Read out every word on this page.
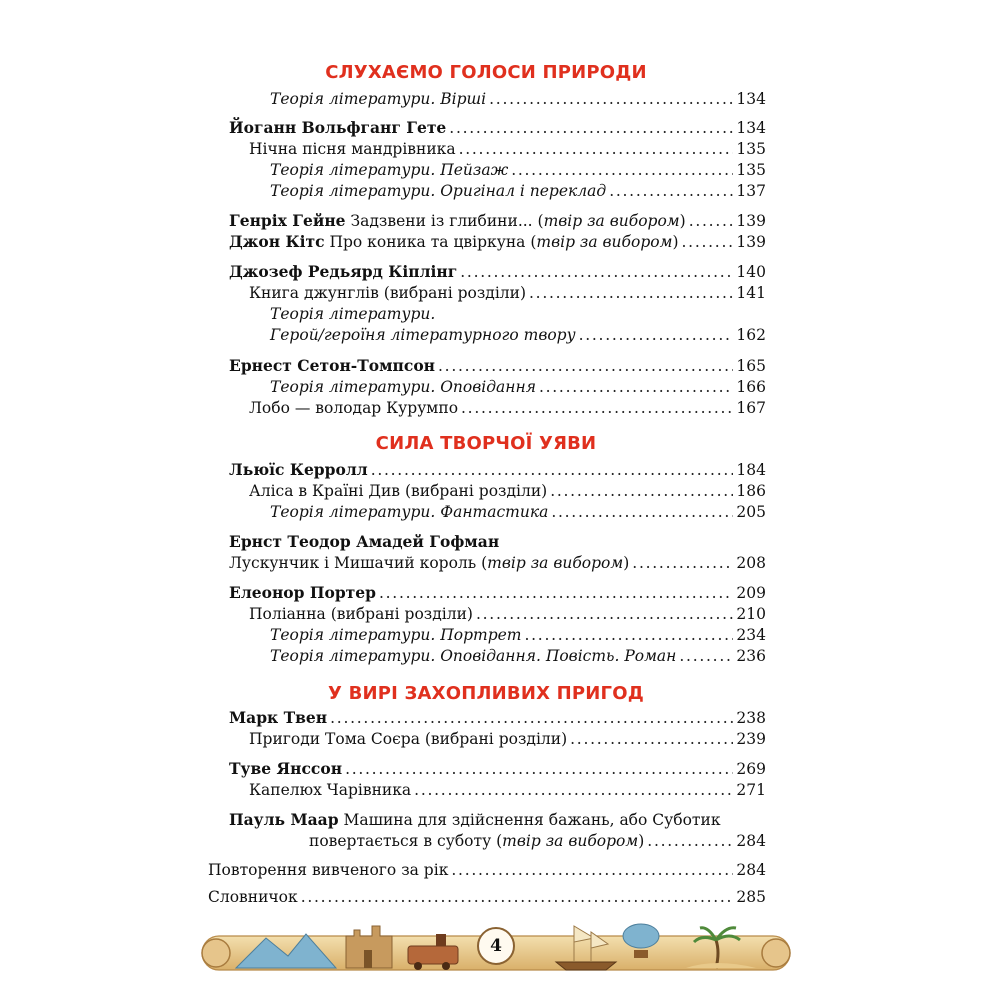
СЛУХАЄМО ГОЛОСИ ПРИРОДИ
СИЛА ТВОРЧОЇ УЯВИ
У ВИРІ ЗАХОПЛИВИХ ПРИГОД
Теорія літератури. Вірші . . .	134
Йоганн Вольфганг Гете . . .	134
Нічна пісня мандрівника . . .	135
Теорія літератури. Пейзаж . . .	135
Теорія літератури. Оригінал і переклад . . .	137
Генріх Гейне Задзвени із глибини... (твір за вибором) . . .	139
Джон Кітс Про коника та цвіркуна (твір за вибором) . . .	139
Джозеф Редьярд Кіплінг . . .	140
Книга джунглів (вибрані розділи) . . .	141
Теорія літератури.
Герой/героїня літературного твору . . .	162
Ернест Сетон-Томпсон . . .	165
Теорія літератури. Оповідання . . .	166
Лобо — володар Курумпо . . .	167
Льюїс Керролл . . .	184
Аліса в Країні Див (вибрані розділи) . . .	186
Теорія літератури. Фантастика . . .	205
Ернст Теодор Амадей Гофман
Лускунчик і Мишачий король (твір за вибором) . . .	208
Елеонор Портер . . .	209
Поліанна (вибрані розділи) . . .	210
Теорія літератури. Портрет . . .	234
Теорія літератури. Оповідання. Повість. Роман . . .	236
Марк Твен . . .	238
Пригоди Тома Соєра (вибрані розділи) . . .	239
Туве Янссон . . .	269
Капелюх Чарівника . . .	271
Пауль Маар Машина для здійснення бажань, або Суботик
повертається в суботу (твір за вибором) . . .	284
Повторення вивченого за рік . . .	284
Словничок . . .	285
4
